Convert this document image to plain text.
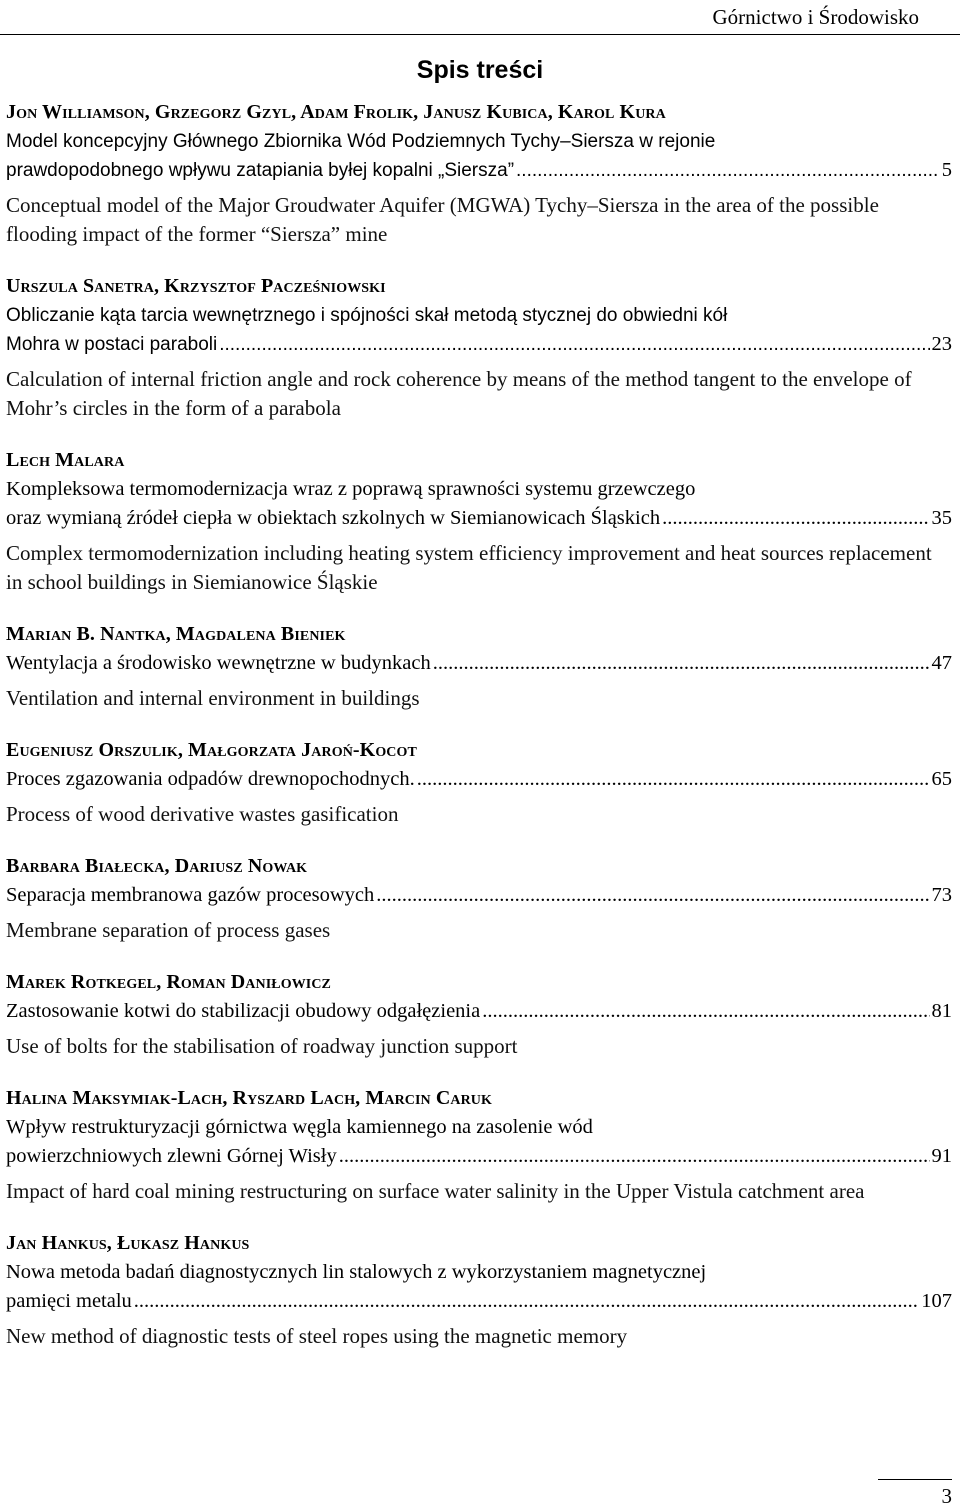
Górnictwo i Środowisko
Spis treści
Jon Williamson, Grzegorz Gzyl, Adam Frolik, Janusz Kubica, Karol Kura
Model koncepcyjny Głównego Zbiornika Wód Podziemnych Tychy–Siersza w rejonie
prawdopodobnego wpływu zatapiania byłej kopalni „Siersza” .....	5
Conceptual model of the Major Groudwater Aquifer (MGWA) Tychy–Siersza in the area of the possible flooding impact of the former “Siersza” mine
Urszula Sanetra, Krzysztof Pacześniowski
Obliczanie kąta tarcia wewnętrznego i spójności skał metodą stycznej do obwiedni kół
Mohra w postaci paraboli .....	23
Calculation of internal friction angle and rock coherence by means of the method tangent to the envelope of Mohr’s circles in the form of a parabola
Lech Malara
Kompleksowa termomodernizacja wraz z poprawą sprawności systemu grzewczego
oraz wymianą źródeł ciepła w obiektach szkolnych w Siemianowicach Śląskich .....	35
Complex termomodernization including heating system efficiency improvement and heat sources replacement in school buildings in Siemianowice Śląskie
Marian B. Nantka, Magdalena Bieniek
Wentylacja a środowisko wewnętrzne w budynkach .....	47
Ventilation and internal environment in buildings
Eugeniusz Orszulik, Małgorzata Jaroń-Kocot
Proces zgazowania odpadów drewnopochodnych. .....	65
Process of wood derivative wastes gasification
Barbara Białecka, Dariusz Nowak
Separacja membranowa gazów procesowych .....	73
Membrane separation of process gases
Marek Rotkegel, Roman Daniłowicz
Zastosowanie kotwi do stabilizacji obudowy odgałęzienia .....	81
Use of bolts for the stabilisation of roadway junction support
Halina Maksymiak-Lach, Ryszard Lach, Marcin Caruk
Wpływ restrukturyzacji górnictwa węgla kamiennego na zasolenie wód
powierzchniowych zlewni Górnej Wisły .....	91
Impact of hard coal mining restructuring on surface water salinity in the Upper Vistula catchment area
Jan Hankus, Łukasz Hankus
Nowa metoda badań diagnostycznych lin stalowych z wykorzystaniem magnetycznej
pamięci metalu .....	107
New method of diagnostic tests of steel ropes using the magnetic memory
3
